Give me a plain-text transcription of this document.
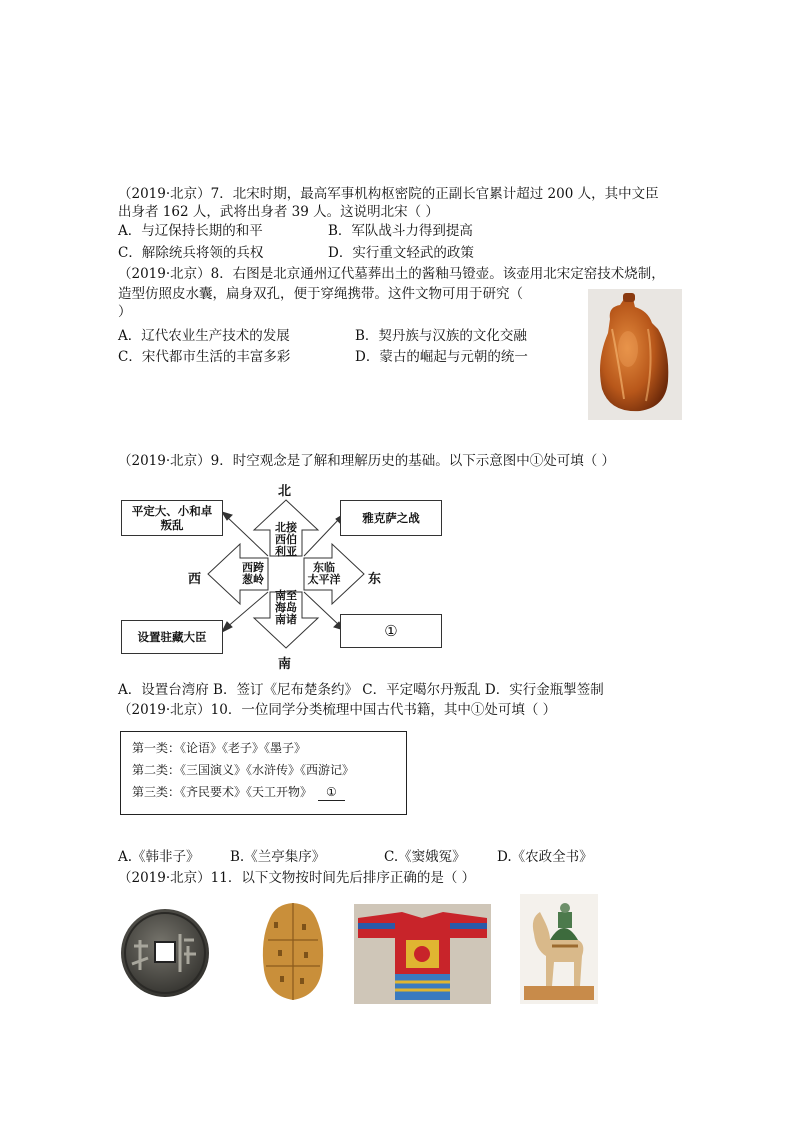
（2019·北京）7．北宋时期，最高军事机构枢密院的正副长官累计超过 200 人，其中文臣
出身者 162 人，武将出身者 39 人。这说明北宋（ ）
A．与辽保持长期的和平	B．军队战斗力得到提高
C．解除统兵将领的兵权	D．实行重文轻武的政策
（2019·北京）8．右图是北京通州辽代墓葬出土的酱釉马镫壶。该壶用北宋定窑技术烧制，
造型仿照皮水囊，扁身双孔，便于穿绳携带。这件文物可用于研究（
）
A．辽代农业生产技术的发展	B．契丹族与汉族的文化交融
C．宋代都市生活的丰富多彩	D．蒙古的崛起与元朝的统一
（2019·北京）9．时空观念是了解和理解历史的基础。以下示意图中①处可填（ ）
北
南
西	东
平定大、小和卓
叛乱	雅克萨之战
设置驻藏大臣	①
北接
西伯
利亚
西跨
葱岭
东临
太平洋
南至
海岛
南诸
A．设置台湾府 B．签订《尼布楚条约》 C．平定噶尔丹叛乱 D．实行金瓶掣签制
（2019·北京）10．一位同学分类梳理中国古代书籍，其中①处可填（ ）
第一类：《论语》《老子》《墨子》
第二类：《三国演义》《水浒传》《西游记》
第三类：《齐民要术》《天工开物》 ①
A.《韩非子》 B.《兰亭集序》	C.《窦娥冤》 D.《农政全书》
（2019·北京）11．以下文物按时间先后排序正确的是（ ）
